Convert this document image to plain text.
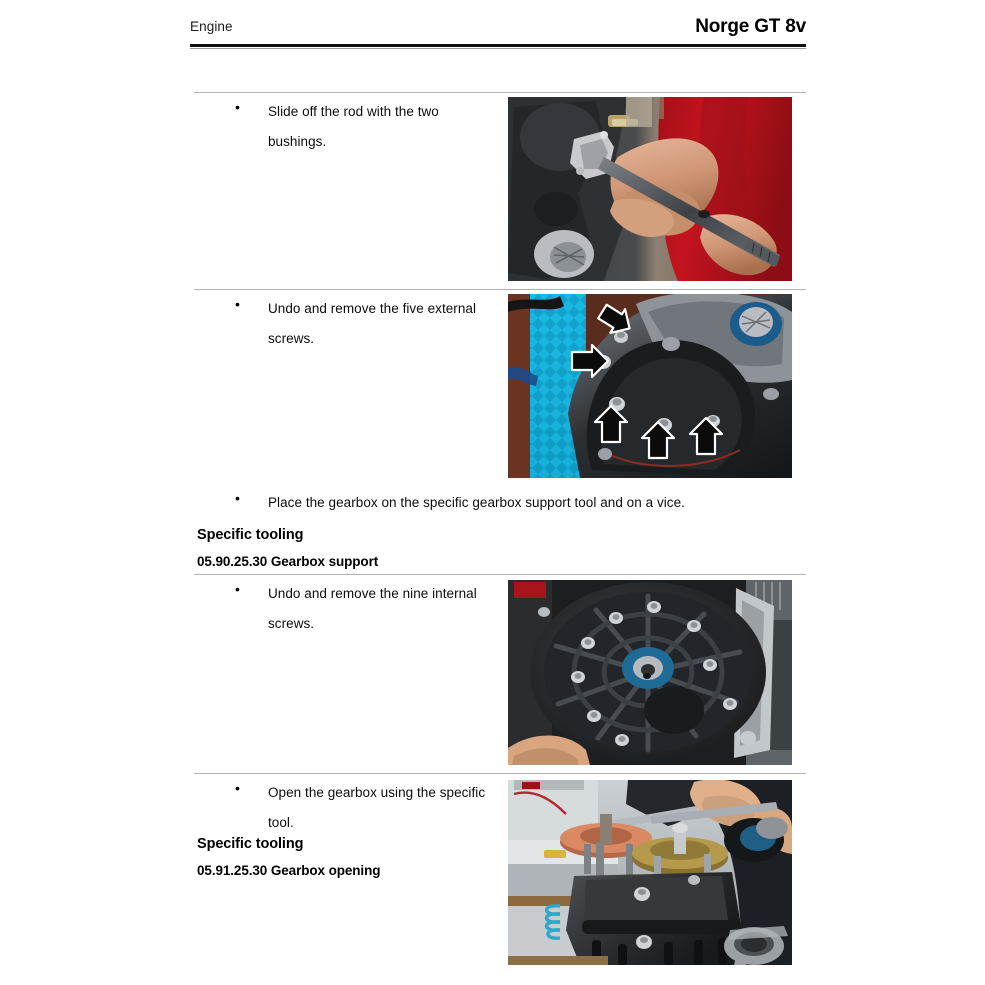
Engine	Norge GT 8v
•	Slide off the rod with the two bushings.
•	Undo and remove the five external screws.
•	Place the gearbox on the specific gearbox support tool and on a vice.
Specific tooling
05.90.25.30 Gearbox support
•	Undo and remove the nine internal screws.
•	Open the gearbox using the specific tool.
Specific tooling
05.91.25.30 Gearbox opening
